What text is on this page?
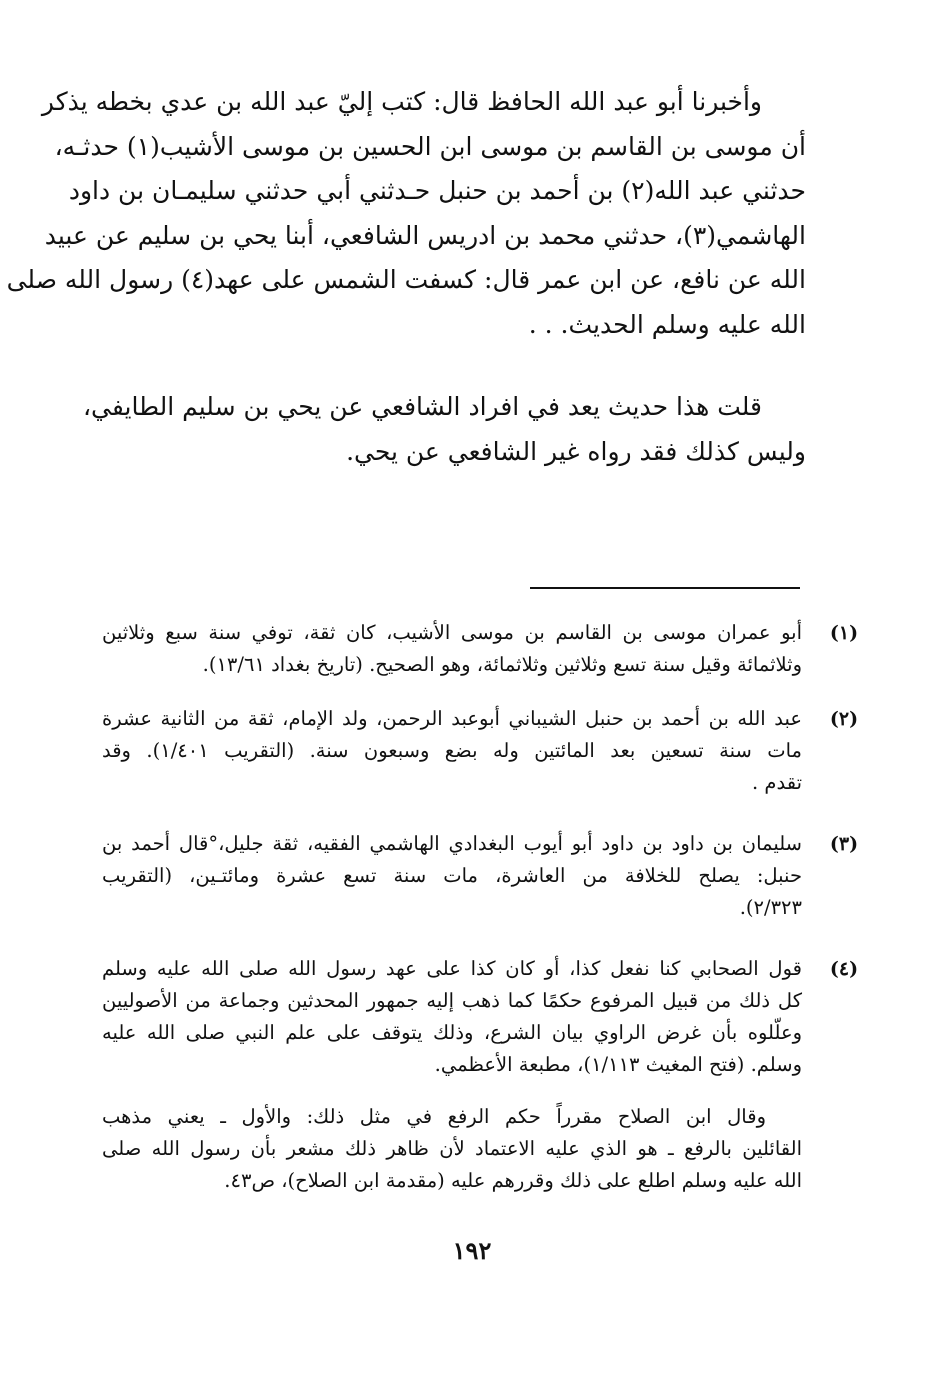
وأخبرنا أبو عبد الله الحافظ قال: كتب إليّ عبد الله بن عدي بخطه يذكر
أن موسى بن القاسم بن موسى ابن الحسين بن موسى الأشيب(١) حدثـه،
حدثني عبد الله(٢) بن أحمد بن حنبل حـدثني أبي حدثني سليمـان بن داود
الهاشمي(٣)، حدثني محمد بن ادريس الشافعي، أبنا يحي بن سليم عن عبيد
الله عن نافع، عن ابن عمر قال: كسفت الشمس على عهد(٤) رسول الله صلى
الله عليه وسلم الحديث. . .
قلت هذا حديث يعد في افراد الشافعي عن يحي بن سليم الطايفي،
وليس كذلك فقد رواه غير الشافعي عن يحي.
(١)
أبو عمران موسى بن القاسم بن موسى الأشيب، كان ثقة، توفي سنة سبع وثلاثين
وثلاثمائة وقيل سنة تسع وثلاثين وثلاثمائة، وهو الصحيح. (تاريخ بغداد ١٣/٦١).
(٢)
عبد الله بن أحمد بن حنبل الشيباني أبوعبد الرحمن، ولد الإمام، ثقة من الثانية عشرة
مات سنة تسعين بعد المائتين وله بضع وسبعون سنة. (التقريب ١/٤٠١). وقد
تقدم .
(٣)
سليمان بن داود بن داود أبو أيوب البغدادي الهاشمي الفقيه، ثقة جليل،°قال أحمد بن
حنبل: يصلح للخلافة من العاشرة، مات سنة تسع عشرة ومائتـين، (التقريب
٢/٣٢٣).
(٤)
قول الصحابي كنا نفعل كذا، أو كان كذا على عهد رسول الله صلى الله عليه وسلم
كل ذلك من قبيل المرفوع حكمًا كما ذهب إليه جمهور المحدثين وجماعة من الأصوليين
وعلّلوه بأن غرض الراوي بيان الشرع، وذلك يتوقف على علم النبي صلى الله عليه
وسلم. (فتح المغيث ١/١١٣)، مطبعة الأعظمي.
وقال ابن الصلاح مقرراً حكم الرفع في مثل ذلك: والأول ـ يعني مذهب
القائلين بالرفع ـ هو الذي عليه الاعتماد لأن ظاهر ذلك مشعر بأن رسول الله صلى
الله عليه وسلم اطلع على ذلك وقررهم عليه (مقدمة ابن الصلاح)، ص٤٣.
١٩٢
